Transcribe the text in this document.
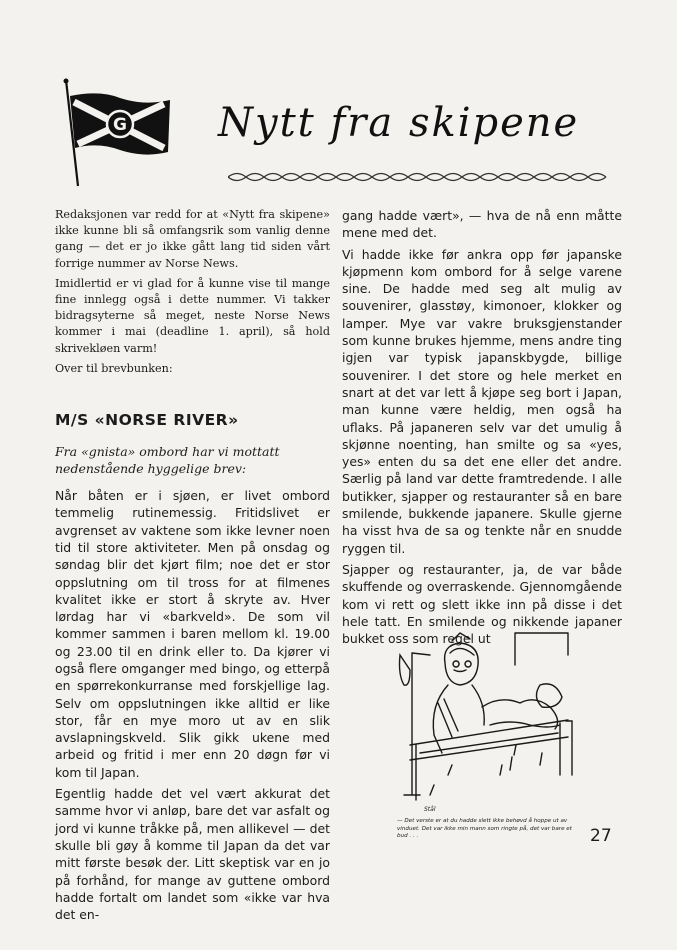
G Nytt fra skipene

Redaksjonen var redd for at «Nytt fra skipene» ikke kunne bli så omfangsrik som vanlig denne gang — det er jo ikke gått lang tid siden vårt forrige nummer av Norse News.

Imidlertid er vi glad for å kunne vise til mange fine innlegg også i dette nummer. Vi takker bidragsyterne så meget, neste Norse News kommer i mai (deadline 1. april), så hold skrivekløen varm!

Over til brevbunken:

M/S «NORSE RIVER»
Fra «gnista» ombord har vi mottatt nedenstående hyggelige brev:

Når båten er i sjøen, er livet ombord temmelig rutinemessig. Fritidslivet er avgrenset av vaktene som ikke levner noen tid til store aktiviteter. Men på onsdag og søndag blir det kjørt film; noe det er stor oppslutning om til tross for at filmenes kvalitet ikke er stort å skryte av. Hver lørdag har vi «barkveld». De som vil kommer sammen i baren mellom kl. 19.00 og 23.00 til en drink eller to. Da kjører vi også flere omganger med bingo, og etterpå en spørrekonkurranse med forskjellige lag. Selv om oppslutningen ikke alltid er like stor, får en mye moro ut av en slik avslapningskveld. Slik gikk ukene med arbeid og fritid i mer enn 20 døgn før vi kom til Japan.

Egentlig hadde det vel vært akkurat det samme hvor vi anløp, bare det var asfalt og jord vi kunne tråkke på, men allikevel — det skulle bli gøy å komme til Japan da det var mitt første besøk der. Litt skeptisk var en jo på forhånd, for mange av guttene ombord hadde fortalt om landet som «ikke var hva det en-

gang hadde vært», — hva de nå enn måtte mene med det.

Vi hadde ikke før ankra opp før japanske kjøpmenn kom ombord for å selge varene sine. De hadde med seg alt mulig av souvenirer, glasstøy, kimonoer, klokker og lamper. Mye var vakre bruksgjenstander som kunne brukes hjemme, mens andre ting igjen var typisk japanskbygde, billige souvenirer. I det store og hele merket en snart at det var lett å kjøpe seg bort i Japan, man kunne være heldig, men også ha uflaks. På japaneren selv var det umulig å skjønne noenting, han smilte og sa «yes, yes» enten du sa det ene eller det andre. Særlig på land var dette framtredende. I alle butikker, sjapper og restauranter så en bare smilende, bukkende japanere. Skulle gjerne ha visst hva de sa og tenkte når en snudde ryggen til.

Sjapper og restauranter, ja, de var både skuffende og overraskende. Gjennomgående kom vi rett og slett ikke inn på disse i det hele tatt. En smilende og nikkende japaner bukket oss som regel ut

Stål
— Det verste er at du hadde slett ikke behøvd å hoppe ut av vinduet. Det var ikke min mann som ringte på, det var bare et bud . . .	27
